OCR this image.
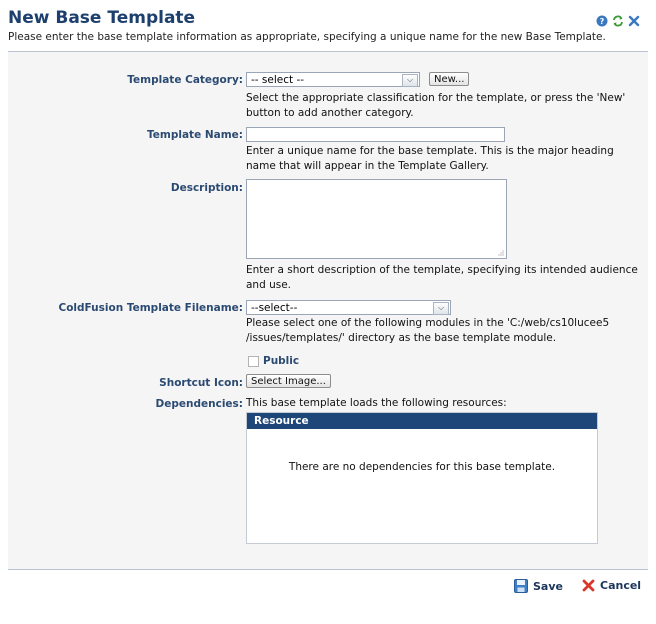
New Base Template	?
Please enter the base template information as appropriate, specifying a unique name for the new Base Template.
Template Category: -- select --	⌵	New...
Select the appropriate classification for the template, or press the 'New' button to add another category.
Template Name:
Enter a unique name for the base template. This is the major heading name that will appear in the Template Gallery.
Description:
Enter a short description of the template, specifying its intended audience and use.
ColdFusion Template Filename: --select--	⌵
Please select one of the following modules in the 'C:/web/cs10lucee5 /issues/templates/' directory as the base template module.
Public
Shortcut Icon: Select Image...
Dependencies: This base template loads the following resources:
Resource
There are no dependencies for this base template.
Save	Cancel
